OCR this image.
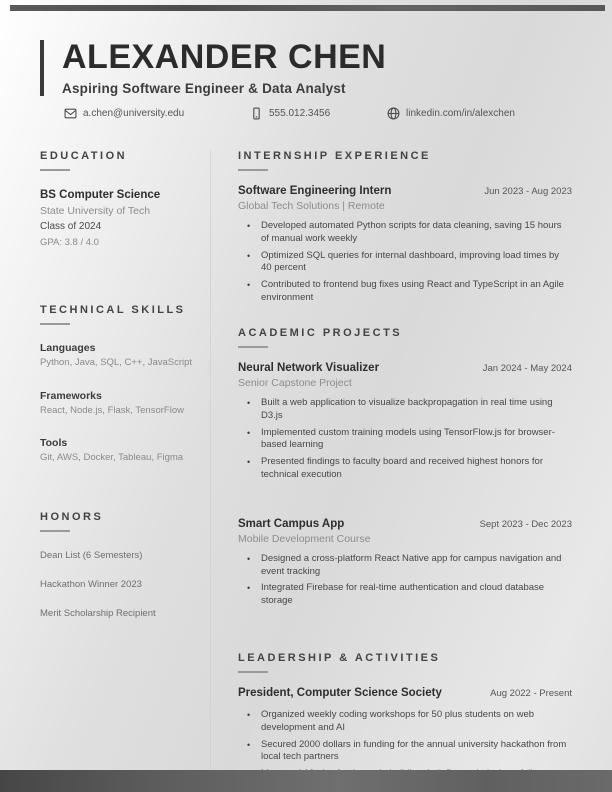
ALEXANDER CHEN
Aspiring Software Engineer & Data Analyst
a.chen@university.edu	555.012.3456	linkedin.com/in/alexchen
EDUCATION
BS Computer Science
State University of Tech
Class of 2024
GPA: 3.8 / 4.0
TECHNICAL SKILLS
Languages
Python, Java, SQL, C++, JavaScript
Frameworks
React, Node.js, Flask, TensorFlow
Tools
Git, AWS, Docker, Tableau, Figma
HONORS
Dean List (6 Semesters)
Hackathon Winner 2023
Merit Scholarship Recipient
INTERNSHIP EXPERIENCE
Software Engineering Intern	Jun 2023 - Aug 2023
Global Tech Solutions | Remote
•	Developed automated Python scripts for data cleaning, saving 15 hours of manual work weekly
•	Optimized SQL queries for internal dashboard, improving load times by 40 percent
•	Contributed to frontend bug fixes using React and TypeScript in an Agile environment
ACADEMIC PROJECTS
Neural Network Visualizer	Jan 2024 - May 2024
Senior Capstone Project
•	Built a web application to visualize backpropagation in real time using D3.js
•	Implemented custom training models using TensorFlow.js for browser-based learning
•	Presented findings to faculty board and received highest honors for technical execution
Smart Campus App	Sept 2023 - Dec 2023
Mobile Development Course
•	Designed a cross-platform React Native app for campus navigation and event tracking
•	Integrated Firebase for real-time authentication and cloud database storage
LEADERSHIP & ACTIVITIES
President, Computer Science Society	Aug 2022 - Present
•	Organized weekly coding workshops for 50 plus students on web development and AI
•	Secured 2000 dollars in funding for the annual university hackathon from local tech partners
